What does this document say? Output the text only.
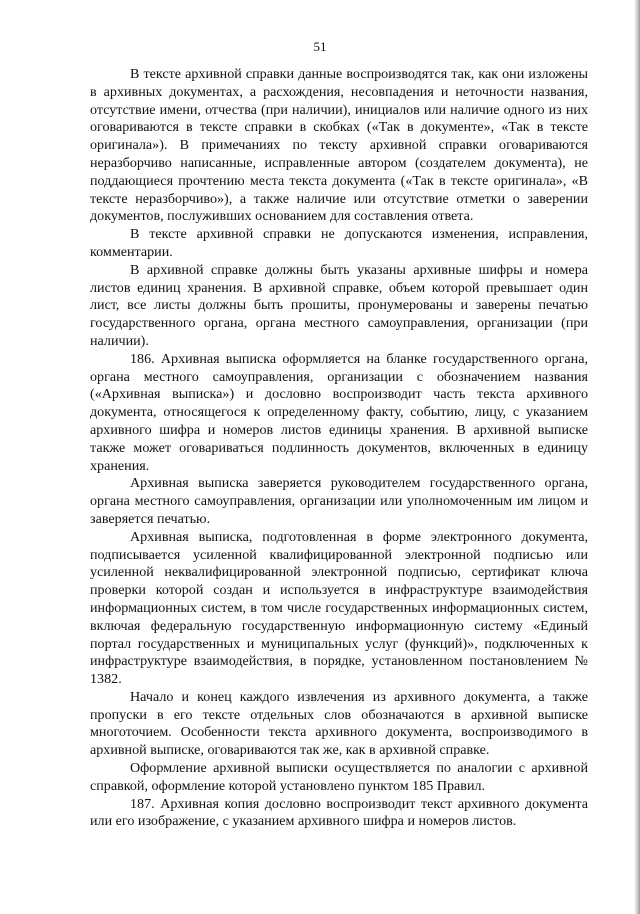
51

В тексте архивной справки данные воспроизводятся так, как они изложены в архивных документах, а расхождения, несовпадения и неточности названия, отсутствие имени, отчества (при наличии), инициалов или наличие одного из них оговариваются в тексте справки в скобках («Так в документе», «Так в тексте оригинала»). В примечаниях по тексту архивной справки оговариваются неразборчиво написанные, исправленные автором (создателем документа), не поддающиеся прочтению места текста документа («Так в тексте оригинала», «В тексте неразборчиво»), а также наличие или отсутствие отметки о заверении документов, послуживших основанием для составления ответа.

В тексте архивной справки не допускаются изменения, исправления, комментарии.

В архивной справке должны быть указаны архивные шифры и номера листов единиц хранения. В архивной справке, объем которой превышает один лист, все листы должны быть прошиты, пронумерованы и заверены печатью государственного органа, органа местного самоуправления, организации (при наличии).

186. Архивная выписка оформляется на бланке государственного органа, органа местного самоуправления, организации с обозначением названия («Архивная выписка») и дословно воспроизводит часть текста архивного документа, относящегося к определенному факту, событию, лицу, с указанием архивного шифра и номеров листов единицы хранения. В архивной выписке также может оговариваться подлинность документов, включенных в единицу хранения.

Архивная выписка заверяется руководителем государственного органа, органа местного самоуправления, организации или уполномоченным им лицом и заверяется печатью.

Архивная выписка, подготовленная в форме электронного документа, подписывается усиленной квалифицированной электронной подписью или усиленной неквалифицированной электронной подписью, сертификат ключа проверки которой создан и используется в инфраструктуре взаимодействия информационных систем, в том числе государственных информационных систем, включая федеральную государственную информационную систему «Единый портал государственных и муниципальных услуг (функций)», подключенных к инфраструктуре взаимодействия, в порядке, установленном постановлением № 1382.

Начало и конец каждого извлечения из архивного документа, а также пропуски в его тексте отдельных слов обозначаются в архивной выписке многоточием. Особенности текста архивного документа, воспроизводимого в архивной выписке, оговариваются так же, как в архивной справке.

Оформление архивной выписки осуществляется по аналогии с архивной справкой, оформление которой установлено пунктом 185 Правил.

187. Архивная копия дословно воспроизводит текст архивного документа или его изображение, с указанием архивного шифра и номеров листов.
